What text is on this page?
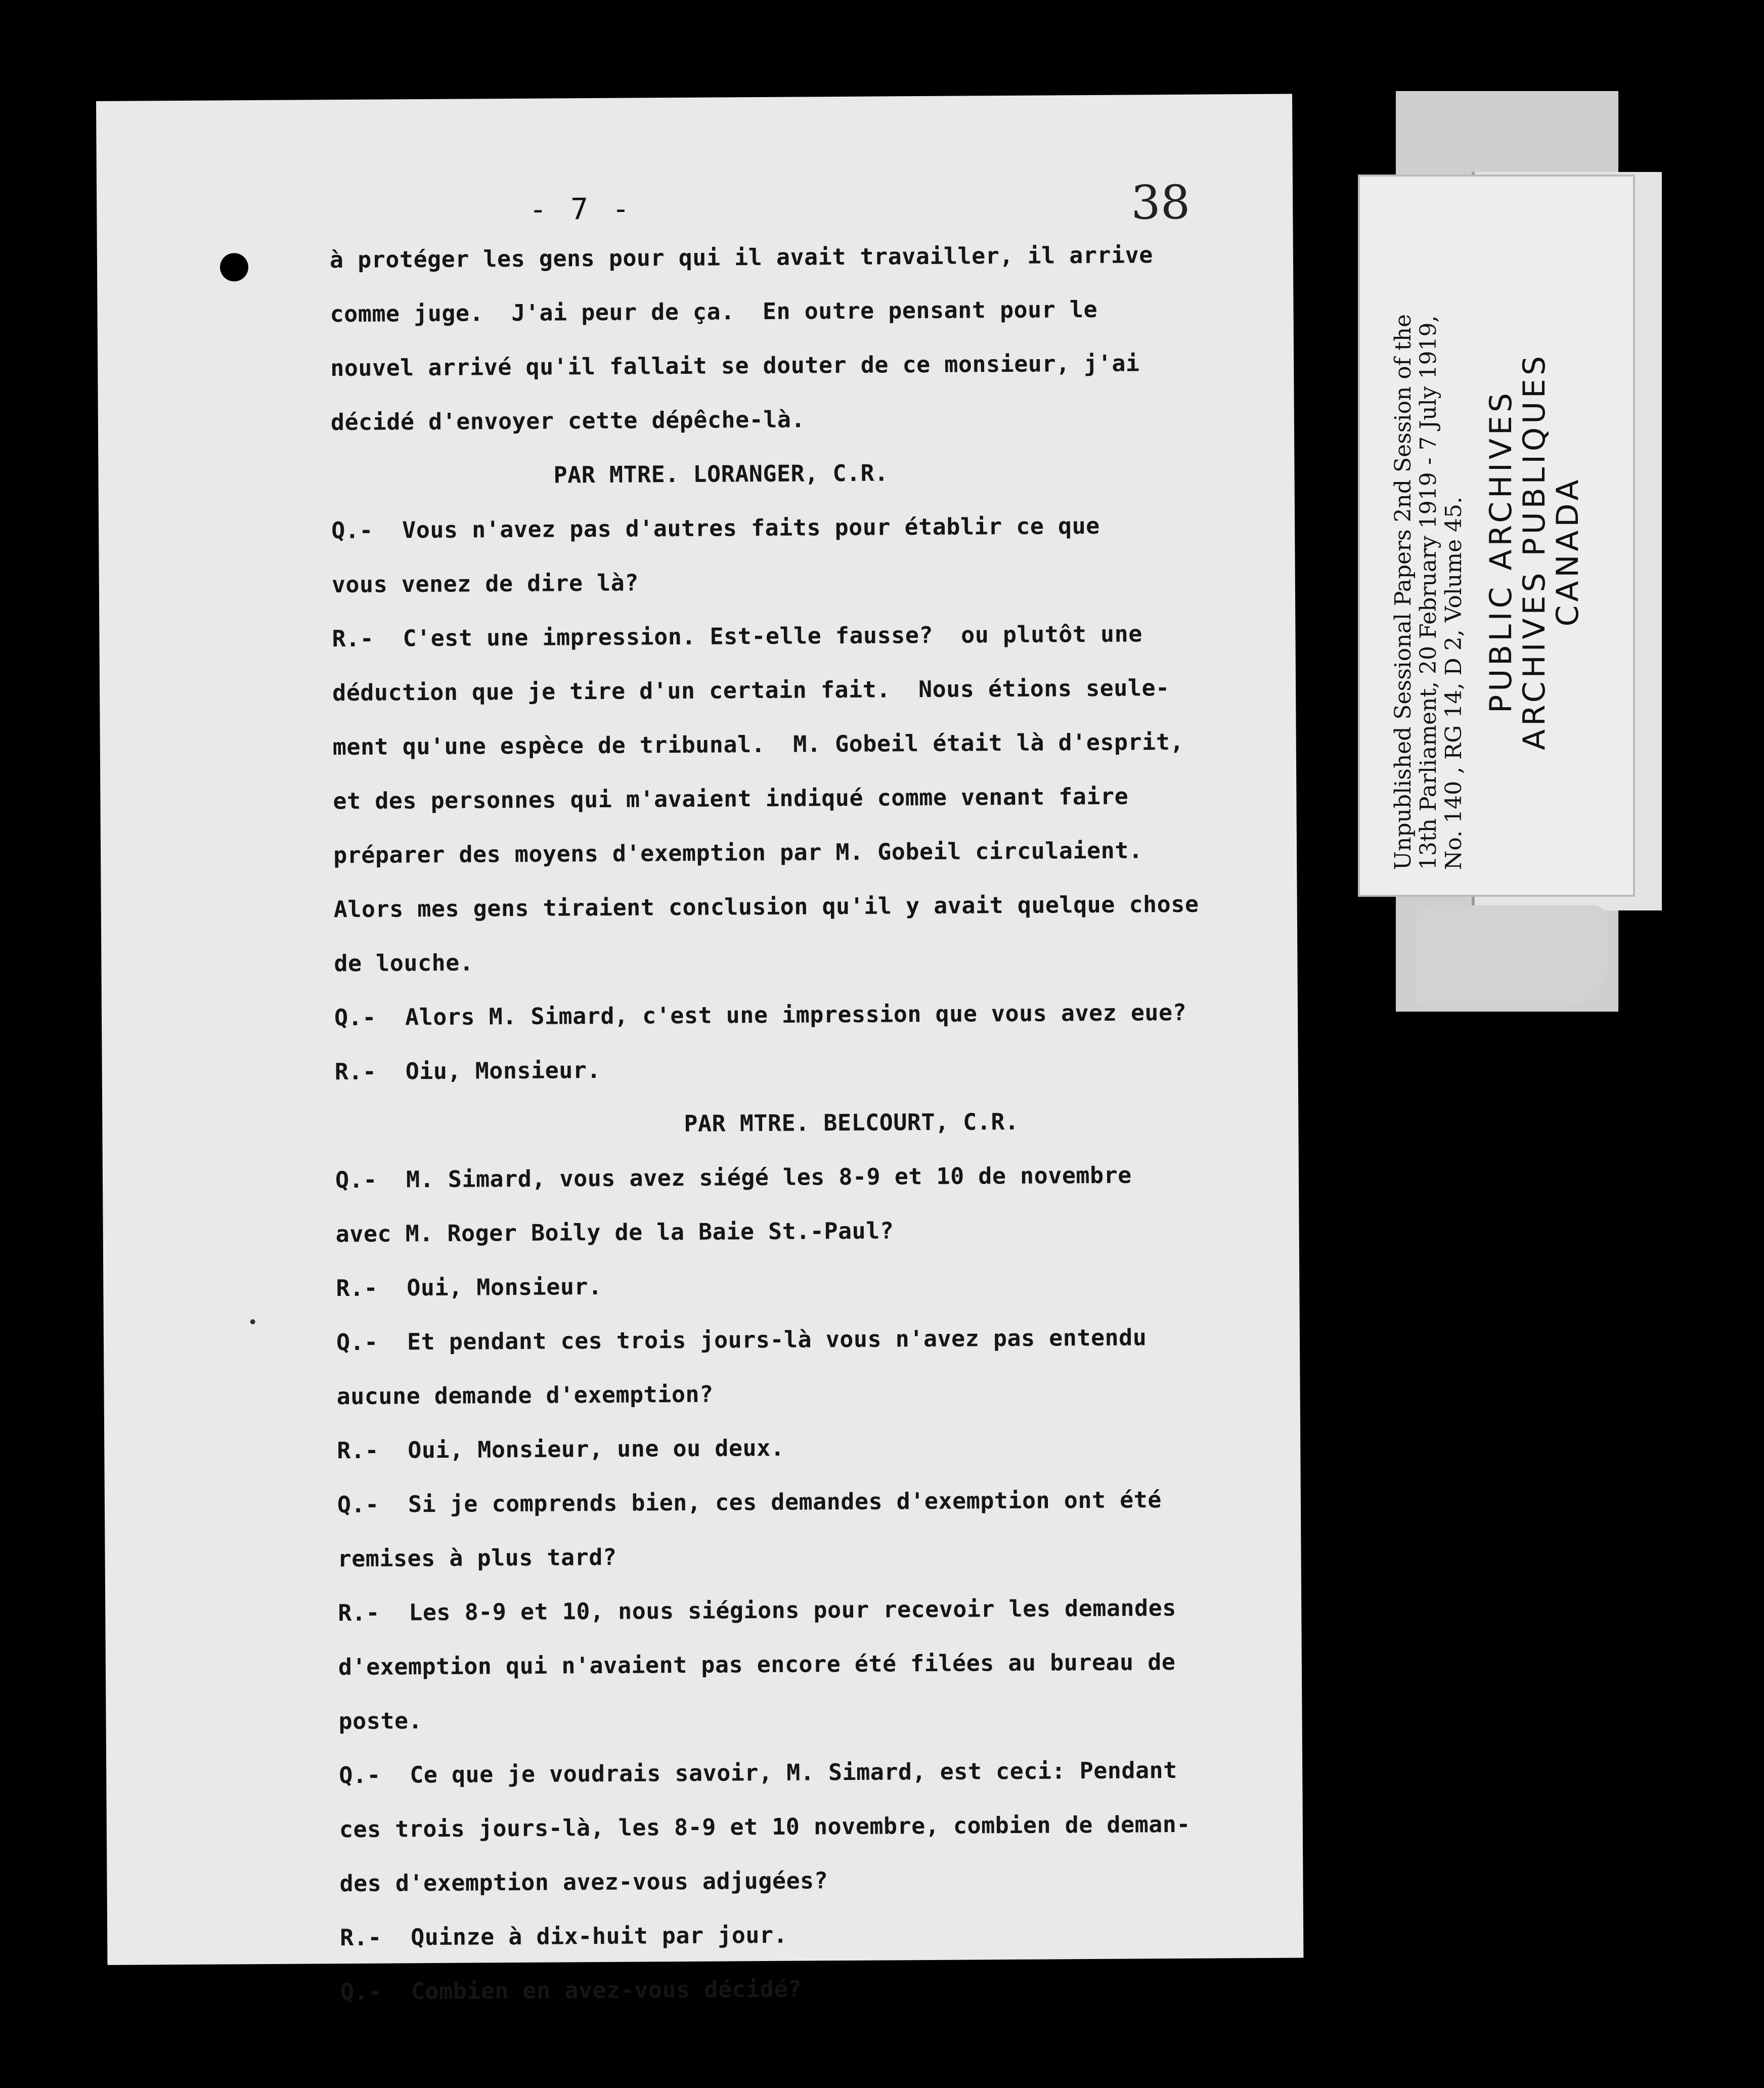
- 7 -	38
à protéger les gens pour qui il avait travailler, il arrive
comme juge.  J'ai peur de ça.  En outre pensant pour le
nouvel arrivé qu'il fallait se douter de ce monsieur, j'ai
décidé d'envoyer cette dépêche-là.
PAR MTRE. LORANGER, C.R.
Q.- Vous n'avez pas d'autres faits pour établir ce que
vous venez de dire là?
R.- C'est une impression. Est-elle fausse?  ou plutôt une
déduction que je tire d'un certain fait.  Nous étions seule-
ment qu'une espèce de tribunal.  M. Gobeil était là d'esprit,
et des personnes qui m'avaient indiqué comme venant faire
préparer des moyens d'exemption par M. Gobeil circulaient.
Alors mes gens tiraient conclusion qu'il y avait quelque chose
de louche.
Q.- Alors M. Simard, c'est une impression que vous avez eue?
R.- Oiu, Monsieur.
PAR MTRE. BELCOURT, C.R.
Q.- M. Simard, vous avez siégé les 8-9 et 10 de novembre
avec M. Roger Boily de la Baie St.-Paul?
R.- Oui, Monsieur.
Q.- Et pendant ces trois jours-là vous n'avez pas entendu
aucune demande d'exemption?
R.- Oui, Monsieur, une ou deux.
Q.- Si je comprends bien, ces demandes d'exemption ont été
remises à plus tard?
R.- Les 8-9 et 10, nous siégions pour recevoir les demandes
d'exemption qui n'avaient pas encore été filées au bureau de
poste.
Q.- Ce que je voudrais savoir, M. Simard, est ceci: Pendant
ces trois jours-là, les 8-9 et 10 novembre, combien de deman-
des d'exemption avez-vous adjugées?
R.- Quinze à dix-huit par jour.
Q.- Combien en avez-vous décidé?
Unpublished Sessional Papers 2nd Session of the 13th Parliament, 20 February 1919 - 7 July 1919, No. 140 , RG 14, D 2, Volume 45. PUBLIC ARCHIVES
ARCHIVES PUBLIQUES
CANADA
